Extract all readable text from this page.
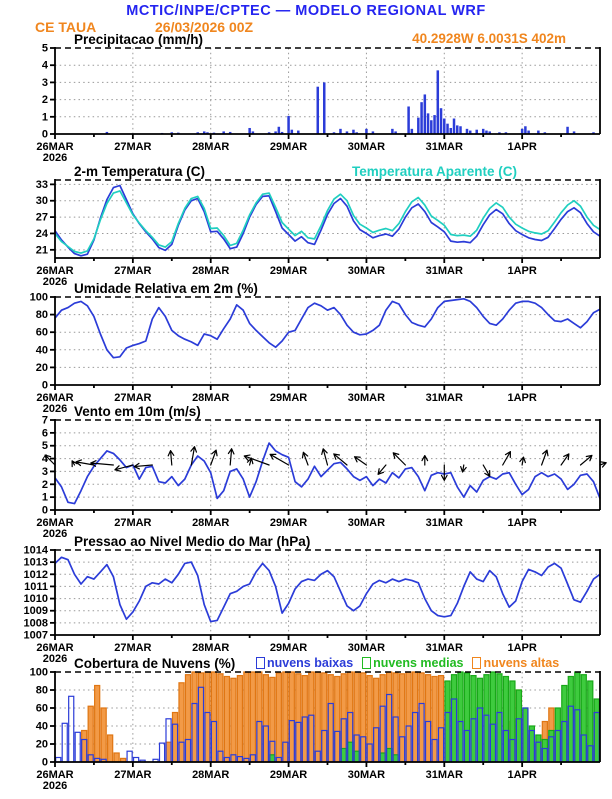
MCTIC/INPE/CPTEC — MODELO REGIONAL WRF
CE TAUA	26/03/2026 00Z
40.2928W 6.0031S 402m
Precipitacao (mm/h)
2-m Temperatura (C)	Temperatura Aparente (C)
Umidade Relativa em 2m (%)
Vento em 10m (m/s)
Pressao ao Nivel Medio do Mar (hPa)
Cobertura de Nuvens (%)	nuvens baixas nuvens medias nuvens altas
0
1
2
3
4
5
26MAR
2026
27MAR	28MAR	29MAR	30MAR	31MAR	1APR
21
24
27
30
33
26MAR
2026
27MAR	28MAR	29MAR	30MAR	31MAR	1APR
0
20
40
60
80
100
26MAR
2026
27MAR	28MAR	29MAR	30MAR	31MAR	1APR
0
1
2
3
4
5
6
7
26MAR
2026
27MAR	28MAR	29MAR	30MAR	31MAR	1APR
1007
1008
1009
1010
1011
1012
1013
1014
26MAR
2026
27MAR	28MAR	29MAR	30MAR	31MAR	1APR
0
20
40
60
80
100
26MAR
2026
27MAR	28MAR	29MAR	30MAR	31MAR	1APR
